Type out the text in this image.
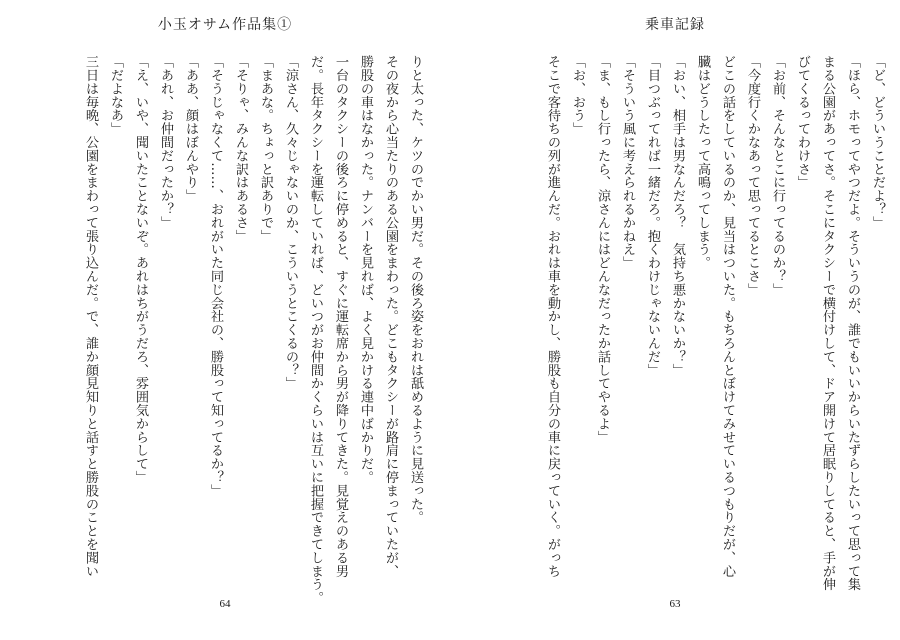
小玉オサム作品集①
りと太った、ケツのでかい男だ。その後ろ姿をおれは舐めるように見送った。
その夜から心当たりのある公園をまわった。どこもタクシーが路肩に停まっていたが、
勝股の車はなかった。ナンバーを見れば、よく見かける連中ばかりだ。
一台のタクシーの後ろに停めると、すぐに運転席から男が降りてきた。見覚えのある男
だ。長年タクシーを運転していれば、どいつがお仲間かくらいは互いに把握できてしまう。
「涼さん、久々じゃないのか、こういうとこくるの？」
「まあな。ちょっと訳ありで」
「そりゃ、みんな訳はあるさ」
「そうじゃなくて……、おれがいた同じ会社の、勝股って知ってるか？」
「ああ、顔はぼんやり」
「あれ、お仲間だったか？」
「え、いや、聞いたことないぞ。あれはちがうだろ、雰囲気からして」
「だよなあ」
三日は毎晩、公園をまわって張り込んだ。で、誰か顔見知りと話すと勝股のことを聞い
64
乗車記録
「ど、どういうことだよ？」
「ほら、ホモってやつだよ。そういうのが、誰でもいいからいたずらしたいって思って集
まる公園があってさ。そこにタクシーで横付けして、ドア開けて居眠りしてると、手が伸
びてくるってわけさ」
「お前、そんなとこに行ってるのか？」
「今度行くかなあって思ってるとこさ」
どこの話をしているのか、見当はついた。もちろんとぼけてみせているつもりだが、心
臓はどうしたって高鳴ってしまう。
「おい、相手は男なんだろ？　気持ち悪かないか？」
「目つぶってれば一緒だろ。抱くわけじゃないんだ」
「そういう風に考えられるかねえ」
「ま、もし行ったら、涼さんにはどんなだったか話してやるよ」
「お、おう」
そこで客待ちの列が進んだ。おれは車を動かし、勝股も自分の車に戻っていく。がっち
63
